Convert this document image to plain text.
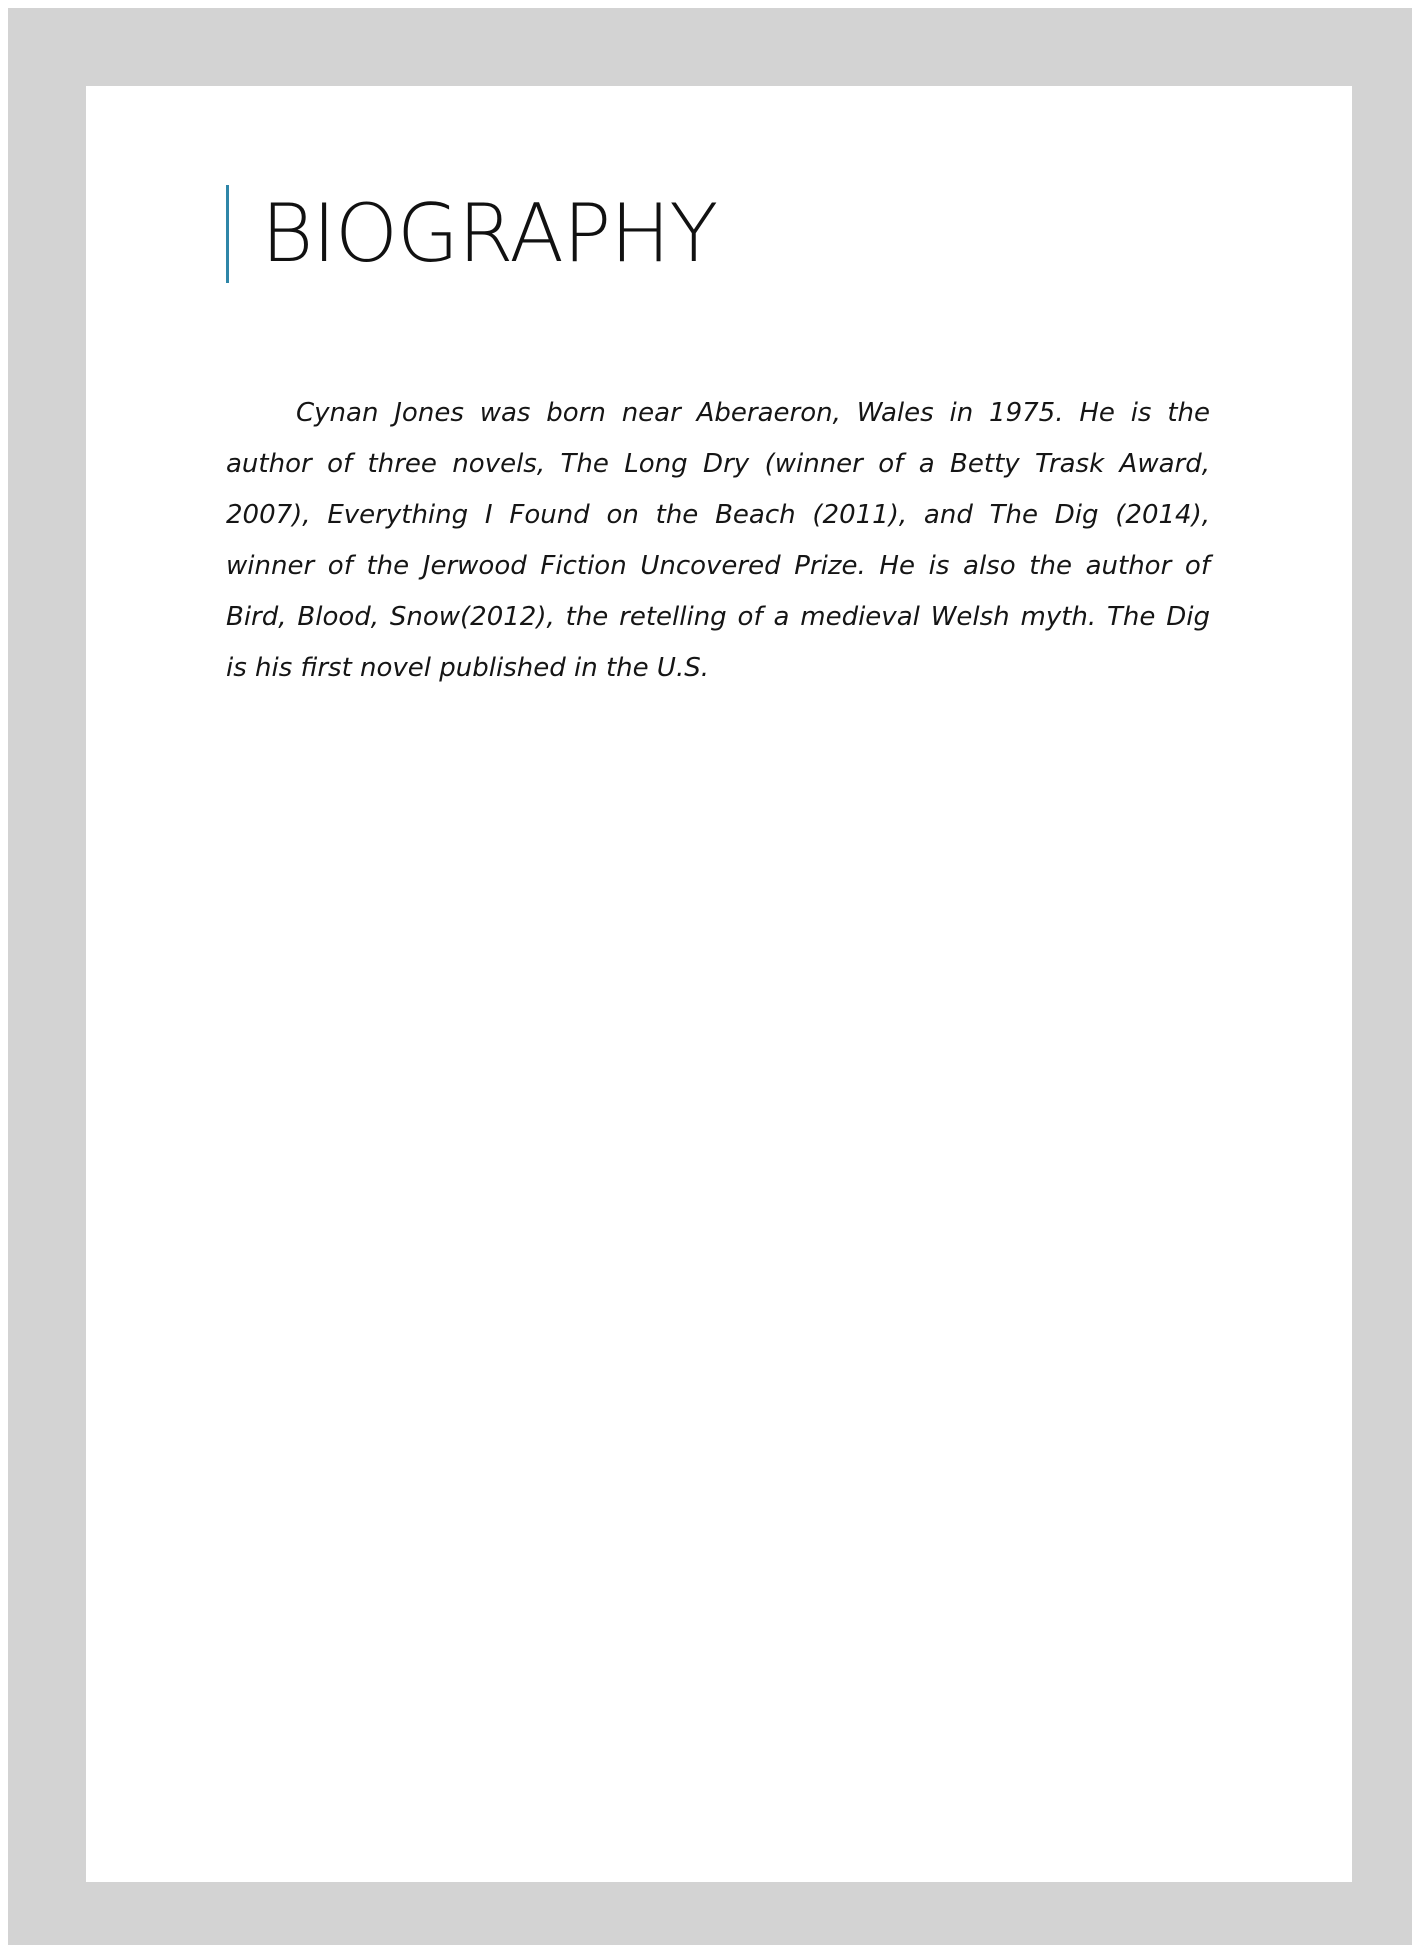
BIOGRAPHY

Cynan Jones was born near Aberaeron, Wales in 1975. He is the author of three novels, The Long Dry (winner of a Betty Trask Award, 2007), Everything I Found on the Beach (2011), and The Dig (2014), winner of the Jerwood Fiction Uncovered Prize. He is also the author of Bird, Blood, Snow(2012), the retelling of a medieval Welsh myth. The Dig is his first novel published in the U.S.
